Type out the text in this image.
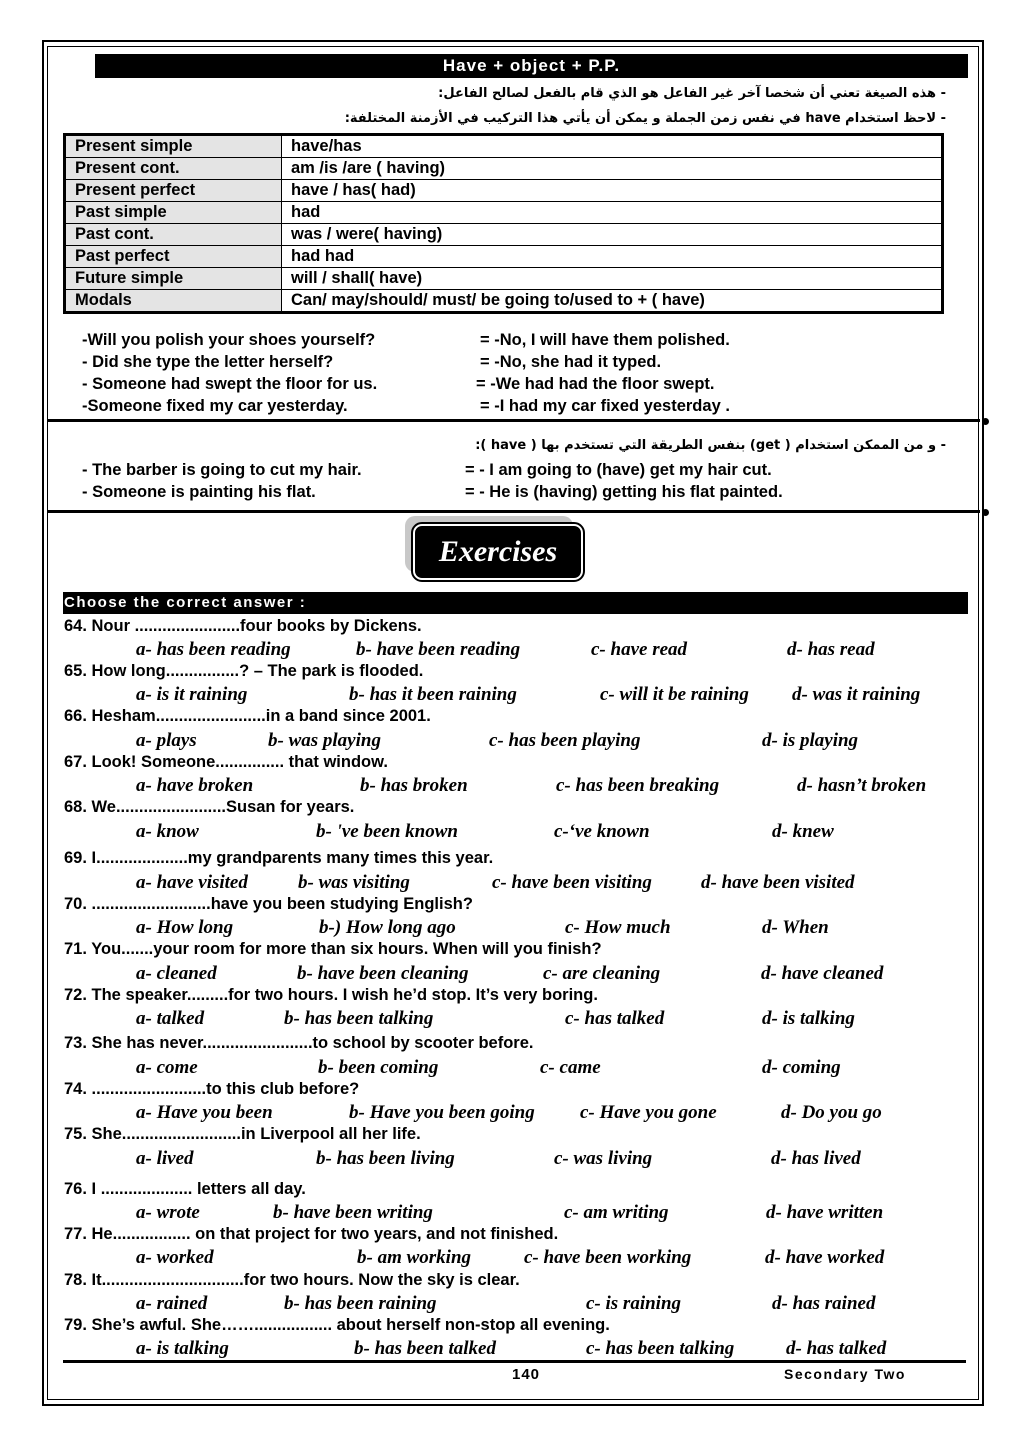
Have + object + P.P.
- هذه الصيغة تعني أن شخصا آخر غير الفاعل هو الذي قام بالفعل لصالح الفاعل:
- لاحظ استخدام have في نفس زمن الجملة و يمكن أن يأتي هذا التركيب في الأزمنة المختلفة:
Present simple	have/has
Present cont.	am /is /are ( having)
Present perfect	have / has( had)
Past simple	had
Past cont.	was / were( having)
Past perfect	had had
Future simple	will / shall( have)
Modals	Can/ may/should/ must/ be going to/used to + ( have)
-Will you polish your shoes yourself?	= -No, I will have them polished.
- Did she type the letter herself?	= -No, she had it typed.
- Someone had swept the floor for us.	= -We had had the floor swept.
-Someone fixed my car yesterday.	= -I had my car fixed yesterday .
- و من الممكن استخدام ( get) بنفس الطريقة التي تستخدم بها ( have ):
- The barber is going to cut my hair.	= - I am going to (have) get my hair cut.
- Someone is painting his flat.	= - He is (having) getting his flat painted.
Exercises
Choose the correct answer :
64. Nour .......................four books by Dickens.
a- has been reading	b- have been reading	c- have read	d- has read
65. How long................? – The park is flooded.
a- is it raining	b- has it been raining	c- will it be raining d- was it raining
66. Hesham........................in a band since 2001.
a- plays	b- was playing	c- has been playing	d- is playing
67. Look! Someone............... that window.
a- have broken	b- has broken	c- has been breaking	d- hasn’t broken
68. We........................Susan for years.
a- know	b- 've been known	c-‘ve known	d- knew
69. I....................my grandparents many times this year.
a- have visited	b- was visiting	c- have been visiting	d- have been visited
70. ..........................have you been studying English?
a- How long	b-) How long ago	c- How much	d- When
71. You.......your room for more than six hours. When will you finish?
a- cleaned	b- have been cleaning	c- are cleaning	d- have cleaned
72. The speaker.........for two hours. I wish he’d stop. It’s very boring.
a- talked	b- has been talking	c- has talked	d- is talking
73. She has never........................to school by scooter before.
a- come	b- been coming	c- came	d- coming
74. .........................to this club before?
a- Have you been	b- Have you been going c- Have you gone	d- Do you go
75. She..........................in Liverpool all her life.
a- lived	b- has been living	c- was living	d- has lived
76. I .................... letters all day.
a- wrote	b- have been writing	c- am writing	d- have written
77. He................. on that project for two years, and not finished.
a- worked	b- am working	c- have been working	d- have worked
78. It...............................for two hours. Now the sky is clear.
a- rained	b- has been raining	c- is raining	d- has rained
79. She’s awful. She……................. about herself non-stop all evening.
a- is talking	b- has been talked	c- has been talking	d- has talked
140	Secondary Two
